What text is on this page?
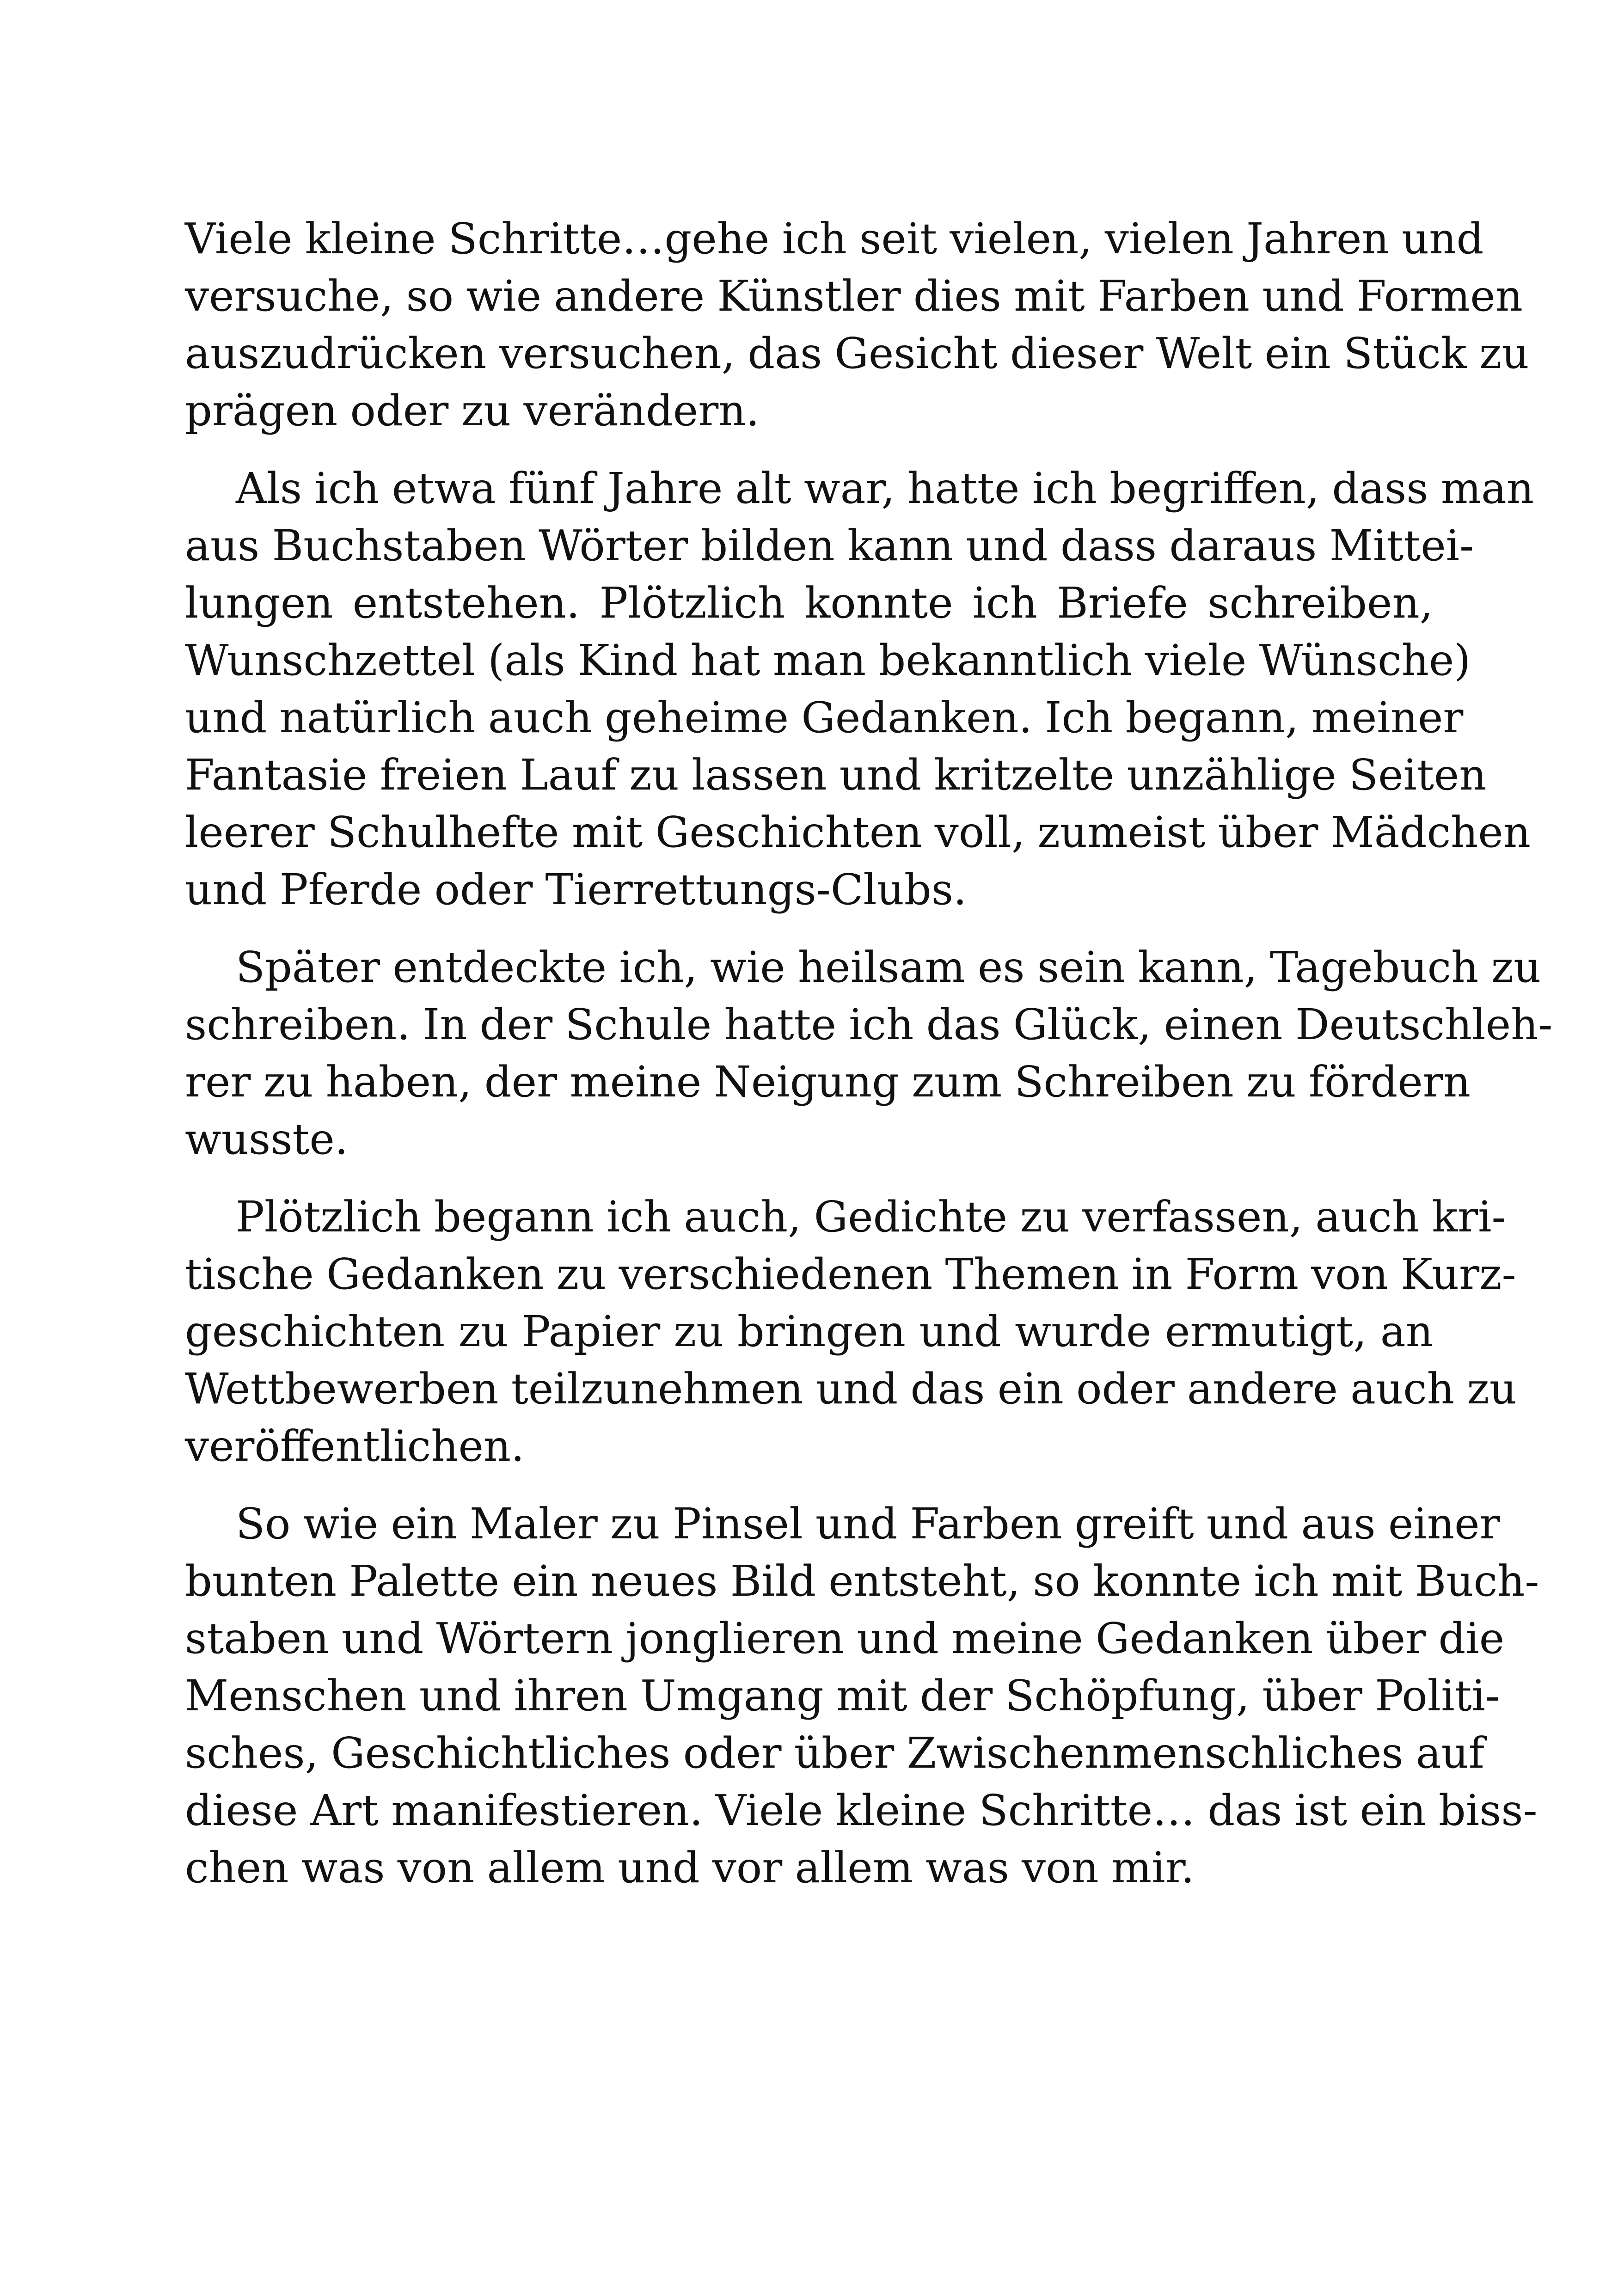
Viele kleine Schritte…gehe ich seit vielen, vielen Jahren und
versuche, so wie andere Künstler dies mit Farben und Formen
auszudrücken versuchen, das Gesicht dieser Welt ein Stück zu
prägen oder zu verändern.

Als ich etwa fünf Jahre alt war, hatte ich begriffen, dass man
aus Buchstaben Wörter bilden kann und dass daraus Mittei-
lungen entstehen. Plötzlich konnte ich Briefe schreiben,
Wunschzettel (als Kind hat man bekanntlich viele Wünsche)
und natürlich auch geheime Gedanken. Ich begann, meiner
Fantasie freien Lauf zu lassen und kritzelte unzählige Seiten
leerer Schulhefte mit Geschichten voll, zumeist über Mädchen
und Pferde oder Tierrettungs-Clubs.

Später entdeckte ich, wie heilsam es sein kann, Tagebuch zu
schreiben. In der Schule hatte ich das Glück, einen Deutschleh-
rer zu haben, der meine Neigung zum Schreiben zu fördern
wusste.

Plötzlich begann ich auch, Gedichte zu verfassen, auch kri-
tische Gedanken zu verschiedenen Themen in Form von Kurz-
geschichten zu Papier zu bringen und wurde ermutigt, an
Wettbewerben teilzunehmen und das ein oder andere auch zu
veröffentlichen.

So wie ein Maler zu Pinsel und Farben greift und aus einer
bunten Palette ein neues Bild entsteht, so konnte ich mit Buch-
staben und Wörtern jonglieren und meine Gedanken über die
Menschen und ihren Umgang mit der Schöpfung, über Politi-
sches, Geschichtliches oder über Zwischenmenschliches auf
diese Art manifestieren. Viele kleine Schritte… das ist ein biss-
chen was von allem und vor allem was von mir.
